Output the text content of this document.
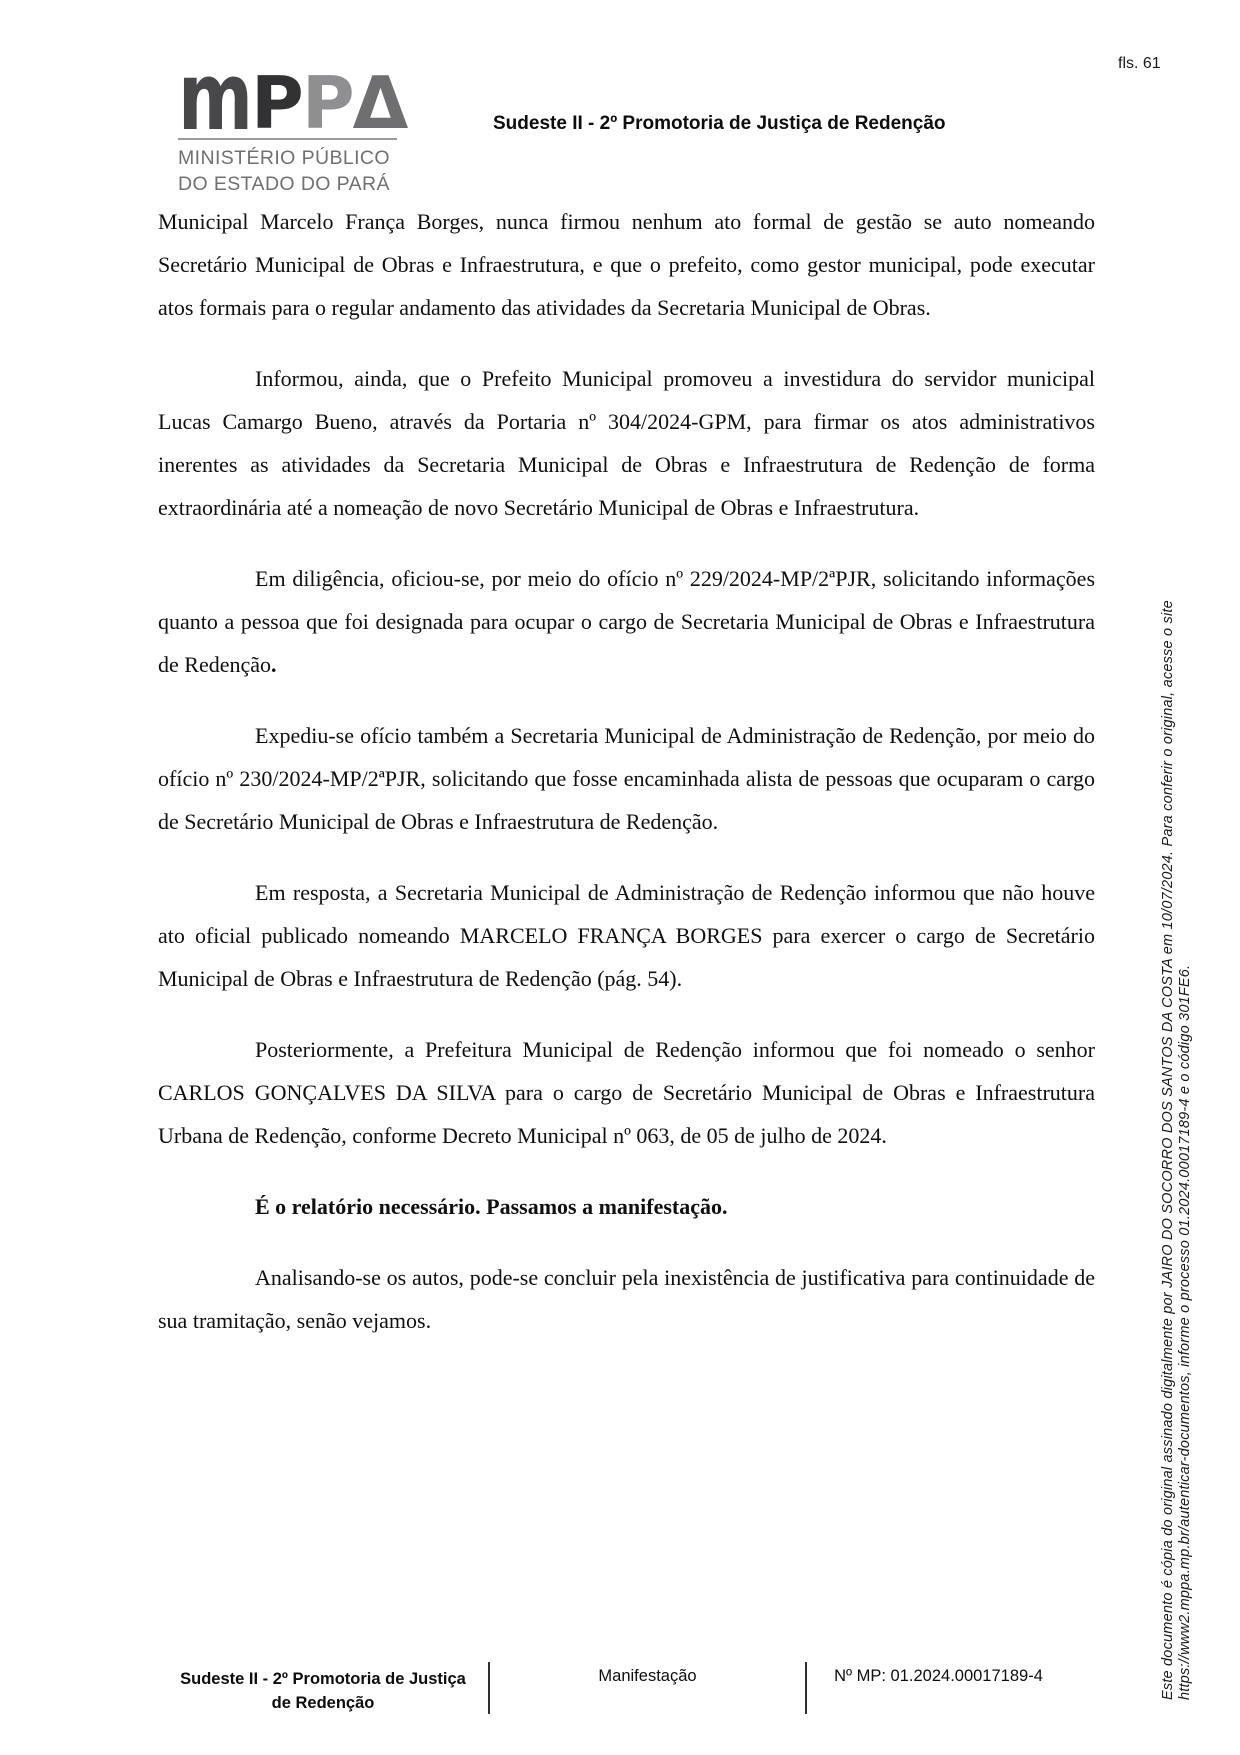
fls. 61
m P P Δ
MINISTÉRIO PÚBLICO
DO ESTADO DO PARÁ
Sudeste II - 2º Promotoria de Justiça de Redenção

Municipal Marcelo França Borges, nunca firmou nenhum ato formal de gestão se auto nomeando Secretário Municipal de Obras e Infraestrutura, e que o prefeito, como gestor municipal, pode executar atos formais para o regular andamento das atividades da Secretaria Municipal de Obras.

Informou, ainda, que o Prefeito Municipal promoveu a investidura do servidor municipal Lucas Camargo Bueno, através da Portaria nº 304/2024-GPM, para firmar os atos administrativos inerentes as atividades da Secretaria Municipal de Obras e Infraestrutura de Redenção de forma extraordinária até a nomeação de novo Secretário Municipal de Obras e Infraestrutura.

Em diligência, oficiou-se, por meio do ofício nº 229/2024-MP/2ªPJR, solicitando informações quanto a pessoa que foi designada para ocupar o cargo de Secretaria Municipal de Obras e Infraestrutura de Redenção.

Expediu-se ofício também a Secretaria Municipal de Administração de Redenção, por meio do ofício nº 230/2024-MP/2ªPJR, solicitando que fosse encaminhada alista de pessoas que ocuparam o cargo de Secretário Municipal de Obras e Infraestrutura de Redenção.

Em resposta, a Secretaria Municipal de Administração de Redenção informou que não houve ato oficial publicado nomeando MARCELO FRANÇA BORGES para exercer o cargo de Secretário Municipal de Obras e Infraestrutura de Redenção (pág. 54).

Posteriormente, a Prefeitura Municipal de Redenção informou que foi nomeado o senhor CARLOS GONÇALVES DA SILVA para o cargo de Secretário Municipal de Obras e Infraestrutura Urbana de Redenção, conforme Decreto Municipal nº 063, de 05 de julho de 2024.

É o relatório necessário. Passamos a manifestação.

Analisando-se os autos, pode-se concluir pela inexistência de justificativa para continuidade de sua tramitação, senão vejamos.	Este documento é cópia do original assinado digitalmente por JAIRO DO SOCORRO DOS SANTOS DA COSTA em 10/07/2024. Para conferir o original, acesse o site https://www2.mppa.mp.br/autenticar-documentos, informe o processo 01.2024.00017189-4 e o código 301FE6.
Sudeste II - 2º Promotoria de Justiça
de Redenção
Manifestação	Nº MP: 01.2024.00017189-4
